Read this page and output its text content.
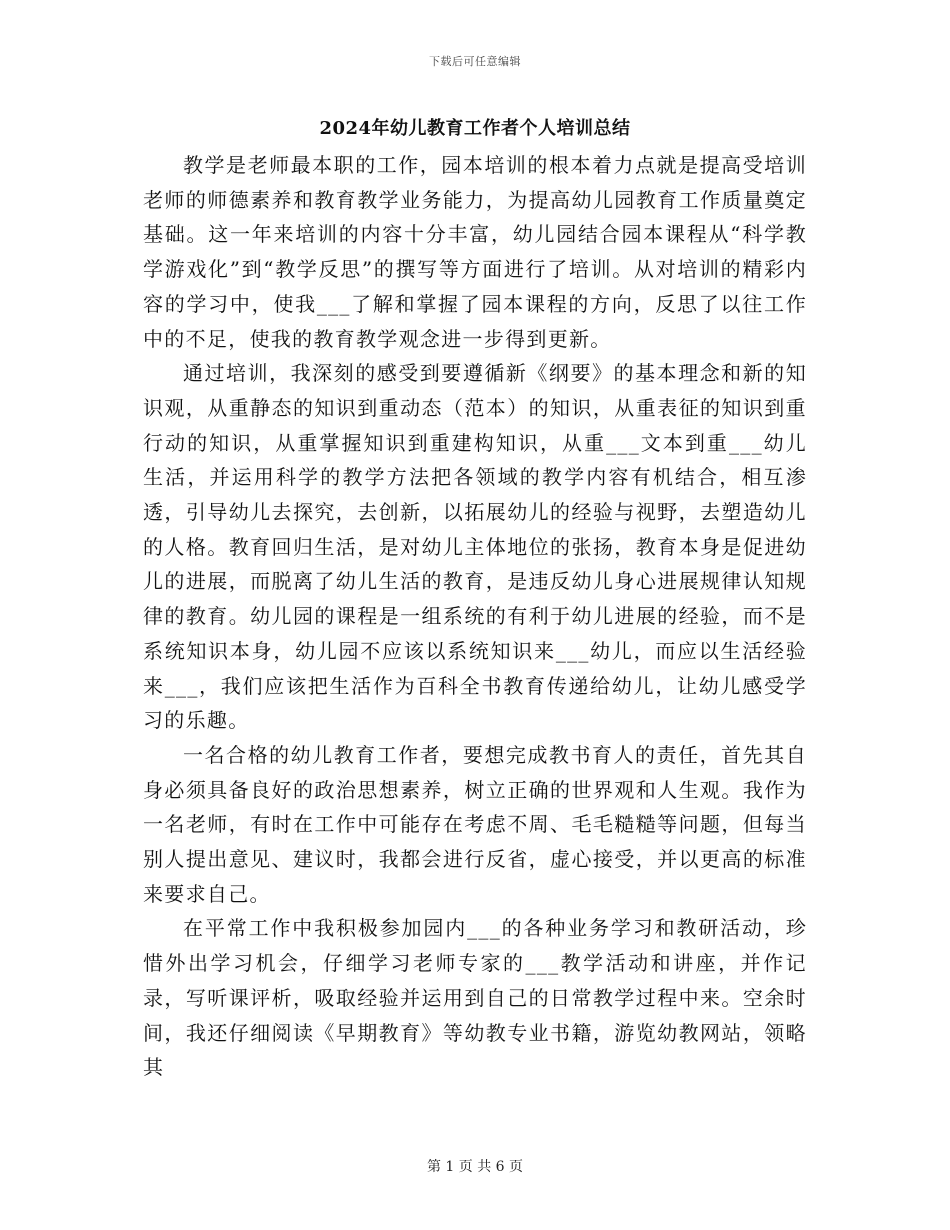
下载后可任意编辑
2024年幼儿教育工作者个人培训总结

教学是老师最本职的工作，园本培训的根本着力点就是提高受培训老师的师德素养和教育教学业务能力，为提高幼儿园教育工作质量奠定基础。这一年来培训的内容十分丰富，幼儿园结合园本课程从“科学教学游戏化”到“教学反思”的撰写等方面进行了培训。从对培训的精彩内容的学习中，使我___了解和掌握了园本课程的方向，反思了以往工作中的不足，使我的教育教学观念进一步得到更新。

通过培训，我深刻的感受到要遵循新《纲要》的基本理念和新的知识观，从重静态的知识到重动态（范本）的知识，从重表征的知识到重行动的知识，从重掌握知识到重建构知识，从重___文本到重___幼儿生活，并运用科学的教学方法把各领域的教学内容有机结合，相互渗透，引导幼儿去探究，去创新，以拓展幼儿的经验与视野，去塑造幼儿的人格。教育回归生活，是对幼儿主体地位的张扬，教育本身是促进幼儿的进展，而脱离了幼儿生活的教育，是违反幼儿身心进展规律认知规律的教育。幼儿园的课程是一组系统的有利于幼儿进展的经验，而不是系统知识本身，幼儿园不应该以系统知识来___幼儿，而应以生活经验来___，我们应该把生活作为百科全书教育传递给幼儿，让幼儿感受学习的乐趣。

一名合格的幼儿教育工作者，要想完成教书育人的责任，首先其自身必须具备良好的政治思想素养，树立正确的世界观和人生观。我作为一名老师，有时在工作中可能存在考虑不周、毛毛糙糙等问题，但每当别人提出意见、建议时，我都会进行反省，虚心接受，并以更高的标准来要求自己。

在平常工作中我积极参加园内___的各种业务学习和教研活动，珍惜外出学习机会，仔细学习老师专家的___教学活动和讲座，并作记录，写听课评析，吸取经验并运用到自己的日常教学过程中来。空余时间，我还仔细阅读《早期教育》等幼教专业书籍，游览幼教网站，领略其

第 1 页 共 6 页
